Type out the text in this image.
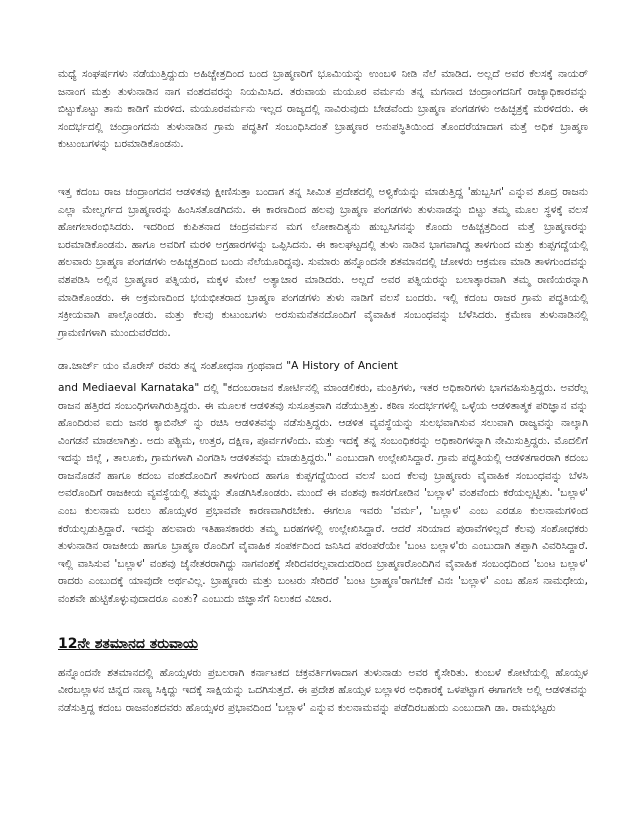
ಮಧ್ಯೆ ಸಂಘರ್ಷಗಳು ನಡೆಯುತ್ತಿದ್ದುದು ಅಹಿಚ್ಚೇತ್ರದಿಂದ ಬಂದ ಬ್ರಾಹ್ಮಣರಿಗೆ ಭೂಮಿಯನ್ನು ಉಂಬಳಿ ನೀಡಿ ನೆಲೆ ಮಾಡಿದ. ಅಲ್ಲದೆ ಅವರ ಕೆಲಸಕ್ಕೆ ನಾಯರ್ ಜನಾಂಗ ಮತ್ತು ತುಳುನಾಡಿನ ನಾಗ ವಂಶದವರನ್ನು ನಿಯಮಿಸಿದ. ತರುವಾಯ ಮಯೂರ ವರ್ಮನು ತನ್ನ ಮಗನಾದ ಚಂದ್ರಾಂಗದನಿಗೆ ರಾಜ್ಯಾಧಿಕಾರವನ್ನು ಬಿಟ್ಟುಕೊಟ್ಟು ತಾನು ಕಾಡಿಗೆ ಮರಳಿದ. ಮಯೂರವರ್ಮನು ಇಲ್ಲದ ರಾಜ್ಯದಲ್ಲಿ ನಾವಿರುವುದು ಬೇಡವೆಂದು ಬ್ರಾಹ್ಮಣ ಪಂಗಡಗಳು ಅಹಿಚ್ಛತ್ರಕ್ಕೆ ಮರಳಿದರು. ಈ ಸಂದರ್ಭದಲ್ಲಿ ಚಂದ್ರಾಂಗದನು ತುಳುನಾಡಿನ ಗ್ರಾಮ ಪದ್ಧತಿಗೆ ಸಂಬಂಧಿಸಿದಂತೆ ಬ್ರಾಹ್ಮಣರ ಅನುಪಸ್ಥಿತಿಯಿಂದ ತೊಂದರೆಯಾದಾಗ ಮತ್ತೆ ಅಧಿಕ ಬ್ರಾಹ್ಮಣ ಕುಟುಂಬಗಳನ್ನು ಬರಮಾಡಿಕೊಂಡನು.

ಇತ್ತ ಕದಂಬ ರಾಜ ಚಂದ್ರಾಂಗದನ ಆಡಳಿತವು ಕ್ಷೀಣಿಸುತ್ತಾ ಬಂದಾಗ ತನ್ನ ಸೀಮಿತ ಪ್ರದೇಶದಲ್ಲಿ ಅಳ್ವಿಕೆಯನ್ನು ಮಾಡುತ್ತಿದ್ದ 'ಹುಬ್ಬಸಿಗ' ಎನ್ನುವ ಶೂದ್ರ ರಾಜನು ಎಲ್ಲಾ ಮೇಲ್ವರ್ಗದ ಬ್ರಾಹ್ಮಣರನ್ನು ಹಿಂಸಿಸತೊಡಗಿದನು. ಈ ಕಾರಣದಿಂದ ಹಲವು ಬ್ರಾಹ್ಮಣ ಪಂಗಡಗಳು ತುಳುನಾಡನ್ನು ಬಿಟ್ಟು ತಮ್ಮ ಮೂಲ ಸ್ಥಳಕ್ಕೆ ವಲಸೆ ಹೋಗಲಾರಂಭಿಸಿದರು. ಇದರಿಂದ ಕುಪಿತನಾದ ಚಂದ್ರವರ್ಮನ ಮಗ ಲೋಕಾದಿತ್ಯನು ಹುಬ್ಬಸಿಗನನ್ನು ಕೊಂದು ಅಹಿಚ್ಚತ್ರದಿಂದ ಮತ್ತೆ ಬ್ರಾಹ್ಮಣರನ್ನು ಬರಮಾಡಿಕೊಂಡನು. ಹಾಗೂ ಅವರಿಗೆ ಮರಳಿ ಅಗ್ರಹಾರಗಳನ್ನು ಒಪ್ಪಿಸಿದನು. ಈ ಕಾಲಘಟ್ಟದಲ್ಲಿ ತುಳು ನಾಡಿನ ಭಾಗವಾಗಿದ್ದ ತಾಳಗುಂದ ಮತ್ತು ಕುಪ್ಪಗದ್ದೆಯಲ್ಲಿ ಹಲವಾರು ಬ್ರಾಹ್ಮಣ ಪಂಗಡಗಳು ಅಹಿಚ್ಚತ್ರದಿಂದ ಬಂದು ನೆಲೆಯೂರಿದ್ದವು. ಸುಮಾರು ಹನ್ನೊಂದನೇ ಶತಮಾನದಲ್ಲಿ ಚೋಳರು ಆಕ್ರಮಣ ಮಾಡಿ ತಾಳಗುಂದವನ್ನು ವಶಪಡಿಸಿ ಅಲ್ಲಿನ ಬ್ರಾಹ್ಮಣರ ಪತ್ನಿಯರ, ಮಕ್ಕಳ ಮೇಲೆ ಅತ್ಯಾಚಾರ ಮಾಡಿದರು. ಅಲ್ಲದೆ ಅವರ ಪತ್ನಿಯರನ್ನು ಬಲಾತ್ಕಾರವಾಗಿ ತಮ್ಮ ರಾಣಿಯರನ್ನಾಗಿ ಮಾಡಿಕೊಂಡರು. ಈ ಅಕ್ರಮಣದಿಂದ ಭಯಭೀತರಾದ ಬ್ರಾಹ್ಮಣ ಪಂಗಡಗಳು ತುಳು ನಾಡಿಗೆ ವಲಸೆ ಬಂದರು. ಇಲ್ಲಿ ಕದಂಬ ರಾಜರ ಗ್ರಾಮ ಪದ್ಧತಿಯಲ್ಲಿ ಸಕ್ರೀಯವಾಗಿ ಪಾಲ್ಗೊಂಡರು. ಮತ್ತು ಕೆಲವು ಕುಟುಂಬಗಳು ಅರಸುಮನೆತನದೊಂದಿಗೆ ವೈವಾಹಿಕ ಸಂಬಂಧವನ್ನು ಬೆಳೆಸಿದರು. ಕ್ರಮೇಣ ತುಳುನಾಡಿನಲ್ಲಿ ಗ್ರಾಮಣಿಗಳಾಗಿ ಮುಂದುವರೆದರು.

ಡಾ.ಜಾರ್ಜ್ ಯಂ ಮೊರೇಸ್ ರವರು ತನ್ನ ಸಂಶೋಧನಾ ಗ್ರಂಥವಾದ "A History of Ancient

and Mediaeval Karnataka" ದಲ್ಲಿ "ಕದಂಬರಾಜನ ಕೋರ್ಟಿನಲ್ಲಿ ಮಾಂಡಲಿಕರು, ಮಂತ್ರಿಗಳು, ಇತರ ಅಧಿಕಾರಿಗಳು ಭಾಗವಹಿಸುತ್ತಿದ್ದರು. ಅವರೆಲ್ಲ ರಾಜನ ಹತ್ತಿರದ ಸಂಬಂಧಿಗಳಾಗಿರುತ್ತಿದ್ದರು. ಈ ಮೂಲಕ ಆಡಳಿತವು ಸುಸೂತ್ರವಾಗಿ ನಡೆಯುತ್ತಿತ್ತು. ಕಠಿಣ ಸಂದರ್ಭಗಳಲ್ಲಿ ಒಳ್ಳೆಯ ಆಡಳಿತಾತ್ಮಕ ಪರಿಜ್ಞಾನ ವನ್ನು ಹೊಂದಿರುವ ಐದು ಜನರ ಕ್ಯಾಬಿನೆಟ್ ನ್ನು ರಚಿಸಿ ಆಡಳಿತವನ್ನು ನಡೆಸುತ್ತಿದ್ದರು. ಆಡಳಿತ ವ್ಯವಸ್ಥೆಯನ್ನು ಸುಲಭವಾಗಿಸುವ ಸಲುವಾಗಿ ರಾಜ್ಯವನ್ನು ನಾಲ್ಕಾಗಿ ವಿಂಗಡನೆ ಮಾಡಲಾಗಿತ್ತು. ಅದು ಪಶ್ಚಿಮ, ಉತ್ತರ, ದಕ್ಷಿಣ, ಪೂರ್ವಗಳೆಂದು. ಮತ್ತು ಇದಕ್ಕೆ ತನ್ನ ಸಂಬಂಧಿಕರನ್ನು ಅಧಿಕಾರಿಗಳನ್ನಾಗಿ ನೇಮಿಸುತ್ತಿದ್ದರು. ಮೊದಲಿಗೆ ಇದನ್ನು ಜಿಲ್ಲೆ , ತಾಲೂಕು, ಗ್ರಾಮಗಳಾಗಿ ವಿಂಗಡಿಸಿ ಆಡಳಿತವನ್ನು ಮಾಡುತ್ತಿದ್ದರು." ಎಂಬುದಾಗಿ ಉಲ್ಲೇಖಿಸಿದ್ದಾರೆ. ಗ್ರಾಮ ಪದ್ಧತಿಯಲ್ಲಿ ಆಡಳಿತಗಾರರಾಗಿ ಕದಂಬ ರಾಜನೊಡನೆ ಹಾಗೂ ಕದಂಬ ವಂಶದೊಂದಿಗೆ ತಾಳಗುಂದ ಹಾಗೂ ಕುಪ್ಪಗದ್ದೆಯಿಂದ ವಲಸೆ ಬಂದ ಕೆಲವು ಬ್ರಾಹ್ಮಣರು ವೈವಾಹಿಕ ಸಂಬಂಧವನ್ನು ಬೆಳಸಿ ಅವರೊಂದಿಗೆ ರಾಜಕೀಯ ವ್ಯವಸ್ಥೆಯಲ್ಲಿ ತಮ್ಮನ್ನು ತೊಡಗಿಸಿಕೊಂಡರು. ಮುಂದೆ ಈ ವಂಶವು ಕಾಸರಗೋಡಿನ 'ಬಲ್ಲಾಳ' ವಂಶವೆಂದು ಕರೆಯಲ್ಪಟ್ಟಿತು. 'ಬಲ್ಲಾಳ' ಎಂಬ ಕುಲನಾಮ ಬರಲು ಹೊಯ್ಸಳರ ಪ್ರಭಾವವೇ ಕಾರಣವಾಗಿರಬೇಕು. ಈಗಲೂ ಇವರು 'ವರ್ಮ', 'ಬಲ್ಲಾಳ' ಎಂಬ ಎರಡೂ ಕುಲನಾಮಗಳಿಂದ ಕರೆಯಲ್ಪಡುತ್ತಿದ್ದಾರೆ. ಇದನ್ನು ಹಲವಾರು ಇತಿಹಾಸಕಾರರು ತಮ್ಮ ಬರಹಗಳಲ್ಲಿ ಉಲ್ಲೇಖಿಸಿದ್ದಾರೆ. ಆದರೆ ಸರಿಯಾದ ಪುರಾವೆಗಳಿಲ್ಲದೆ ಕೆಲವು ಸಂಶೋಧಕರು ತುಳುನಾಡಿನ ರಾಜಕೀಯ ಹಾಗೂ ಬ್ರಾಹ್ಮಣ ರೊಂದಿಗೆ ವೈವಾಹಿಕ ಸಂಪರ್ಕದಿಂದ ಜನಿಸಿದ ಪರಂಪರೆಯೇ 'ಬಂಟ ಬಲ್ಲಾಳ'ರು ಎಂಬುದಾಗಿ ತಪ್ಪಾಗಿ ವಿವರಿಸಿದ್ದಾರೆ. ಇಲ್ಲಿ ವಾಸಿಸುವ 'ಬಲ್ಲಾಳ' ವಂಶವು ಜೈನೇತರರಾಗಿದ್ದು ನಾಗವಂಶಕ್ಕೆ ಸೇರಿದವರಲ್ಲವಾದುದರಿಂದ ಬ್ರಾಹ್ಮಣರೊಂದಿಗಿನ ವೈವಾಹಿಕ ಸಂಬಂಧದಿಂದ 'ಬಂಟ ಬಲ್ಲಾಳ' ರಾದರು ಎಂಬುದಕ್ಕೆ ಯಾವುದೇ ಅರ್ಥವಿಲ್ಲ. ಬ್ರಾಹ್ಮಣರು ಮತ್ತು ಬಂಟರು ಸೇರಿದರೆ 'ಬಂಟ ಬ್ರಾಹ್ಮಣ'ರಾಗಬೇಕೆ ವಿನಃ 'ಬಲ್ಲಾಳ' ಎಂಬ ಹೊಸ ನಾಮಧೇಯ, ವಂಶವೇ ಹುಟ್ಟಿಕೊಳ್ಳುವುದಾದರೂ ಎಂತು? ಎಂಬುದು ಜಿಜ್ಞಾಸೆಗೆ ನಿಲುಕದ ವಿಚಾರ.

12ನೇ ಶತಮಾನದ ತರುವಾಯ

ಹನ್ನೊಂದನೇ ಶತಮಾನದಲ್ಲಿ ಹೊಯ್ಸಳರು ಪ್ರಬಲರಾಗಿ ಕರ್ನಾಟಕದ ಚಕ್ರವರ್ತಿಗಳಾದಾಗ ತುಳುನಾಡು ಅವರ ಕೈಸೇರಿತು. ಕುಂಬಳೆ ಕೋಟೆಯಲ್ಲಿ ಹೊಯ್ಸಳ ವೀರಬಲ್ಲಾಳನ ಚಿನ್ನದ ನಾಣ್ಯ ಸಿಕ್ಕಿದ್ದು ಇದಕ್ಕೆ ಸಾಕ್ಷಿಯನ್ನು ಒದಗಿಸುತ್ತದೆ. ಈ ಪ್ರದೇಶ ಹೊಯ್ಸಳ ಬಲ್ಲಾಳರ ಅಧಿಕಾರಕ್ಕೆ ಒಳಪಟ್ಟಾಗ ಈಗಾಗಲೇ ಅಲ್ಲಿ ಆಡಳಿತವನ್ನು ನಡೆಸುತ್ತಿದ್ದ ಕದಂಬ ರಾಜವಂಶದವರು ಹೊಯ್ಸಳರ ಪ್ರಭಾವದಿಂದ 'ಬಲ್ಲಾಳ' ಎನ್ನುವ ಕುಲನಾಮವನ್ನು ಪಡೆದಿರಬಹುದು ಎಂಬುದಾಗಿ ಡಾ. ರಾಮಭಟ್ಟರು
